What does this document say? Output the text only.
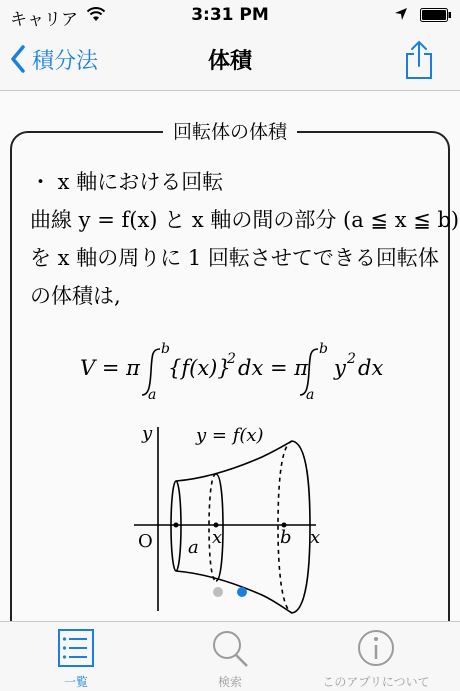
キャリア	3:31 PM
積分法	体積
回転体の体積
・ x 軸における回転
曲線 y = f(x) と x 軸の間の部分 (a ≦ x ≦ b)
を x 軸の周りに 1 回転させてできる回転体
の体積は,
V = π
b
a
{f(x)}
2 dx = π
b
a
y 2 dx
y
x
y = f(x)
O a x	b
一覧	検索	このアプリについて
